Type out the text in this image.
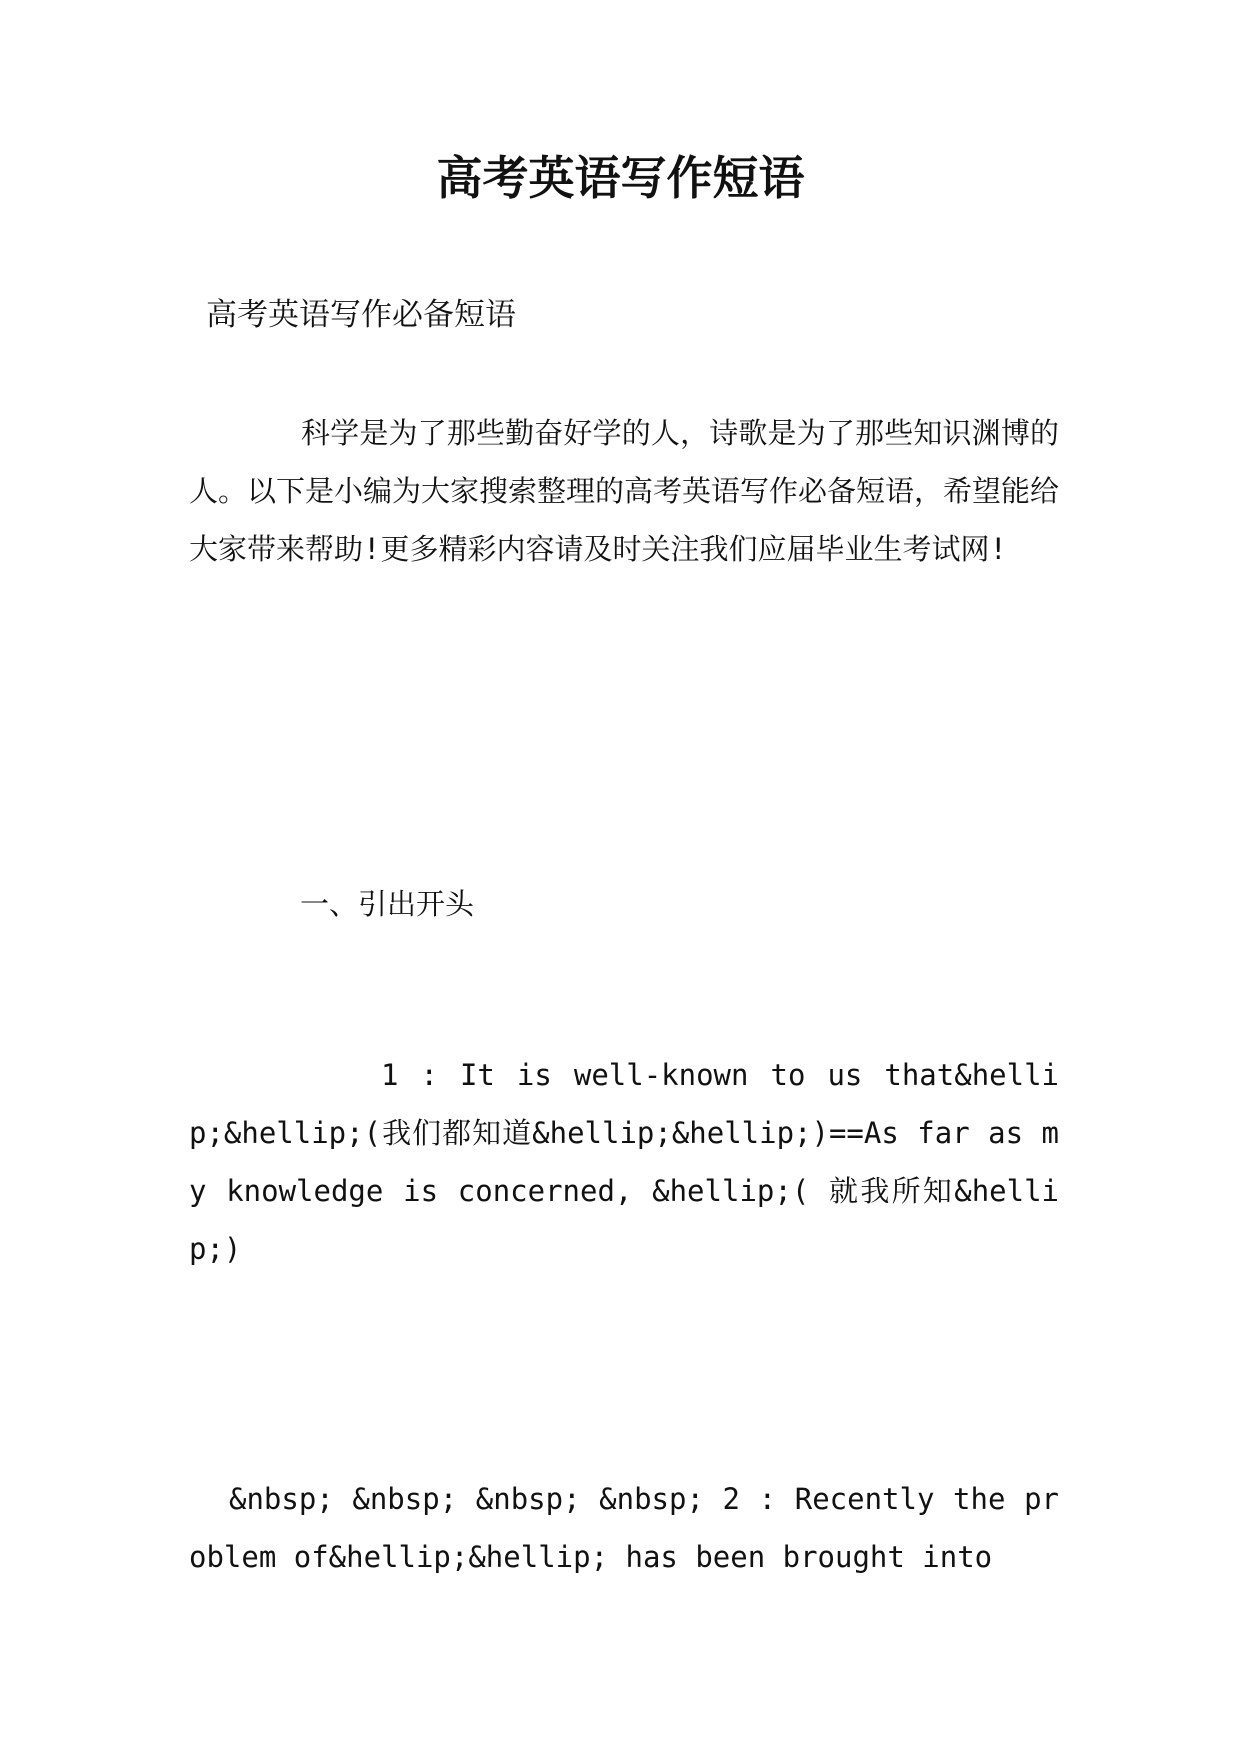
高考英语写作短语

高考英语写作必备短语

科学是为了那些勤奋好学的人，诗歌是为了那些知识渊博的人。以下是小编为大家搜索整理的高考英语写作必备短语，希望能给大家带来帮助!更多精彩内容请及时关注我们应届毕业生考试网!

一、引出开头

1 : It is well-known to us that&hellip;&hellip;(我们都知道&hellip;&hellip;)==As far as my knowledge is concerned, &hellip;( 就我所知&hellip;)

&nbsp; &nbsp; &nbsp; &nbsp; 2 : Recently the problem of&hellip;&hellip; has been brought into
